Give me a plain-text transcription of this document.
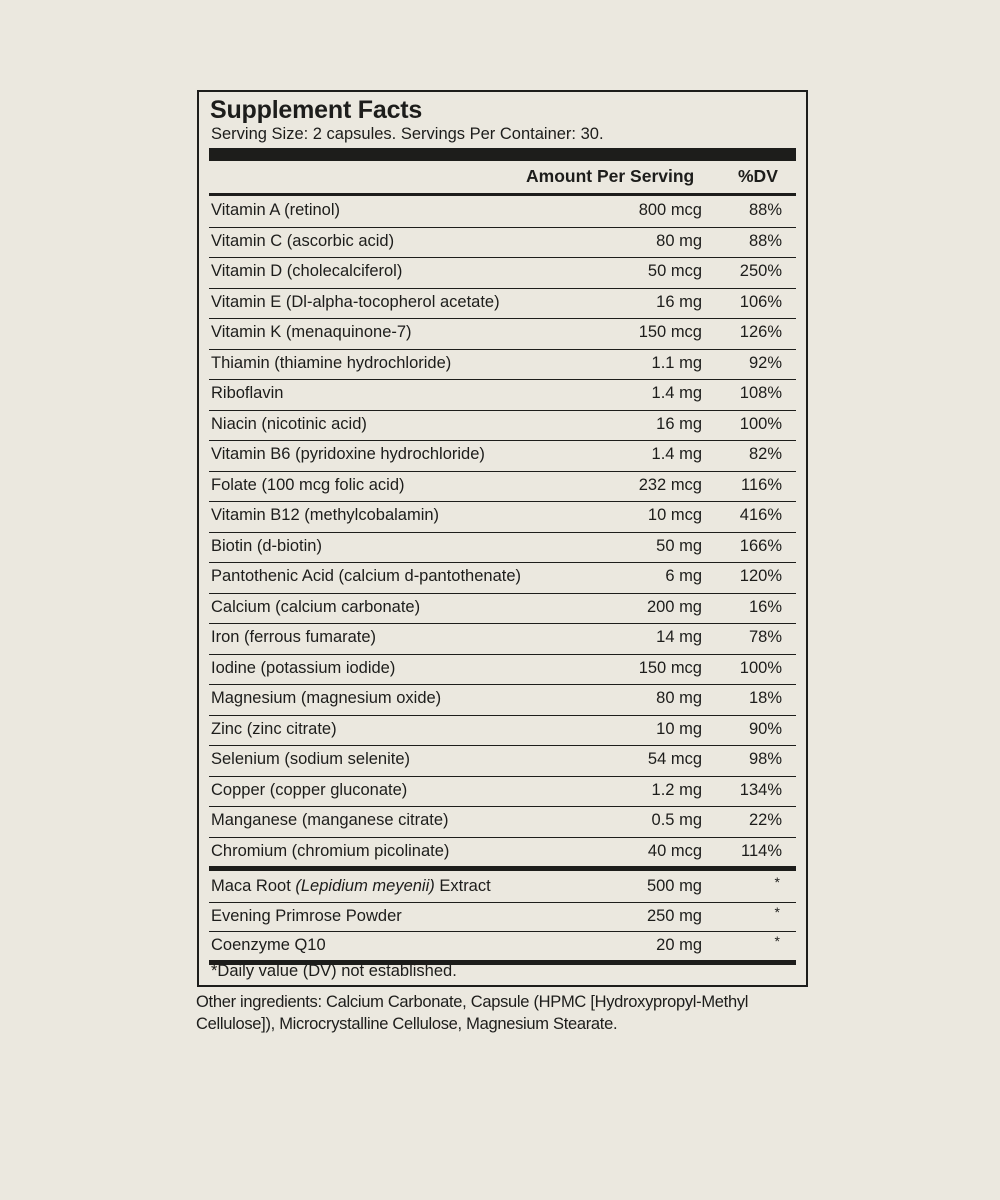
Supplement Facts
Serving Size: 2 capsules. Servings Per Container: 30.
Amount Per Serving	%DV
Vitamin A (retinol)	800 mcg	88%
Vitamin C (ascorbic acid)	80 mg	88%
Vitamin D (cholecalciferol)	50 mcg 250%
Vitamin E (Dl-alpha-tocopherol acetate)	16 mg 106%
Vitamin K (menaquinone-7)	150 mcg 126%
Thiamin (thiamine hydrochloride)	1.1 mg	92%
Riboflavin	1.4 mg 108%
Niacin (nicotinic acid)	16 mg 100%
Vitamin B6 (pyridoxine hydrochloride)	1.4 mg	82%
Folate (100 mcg folic acid)	232 mcg 116%
Vitamin B12 (methylcobalamin)	10 mcg 416%
Biotin (d-biotin)	50 mg 166%
Pantothenic Acid (calcium d-pantothenate)	6 mg 120%
Calcium (calcium carbonate)	200 mg	16%
Iron (ferrous fumarate)	14 mg	78%
Iodine (potassium iodide)	150 mcg 100%
Magnesium (magnesium oxide)	80 mg	18%
Zinc (zinc citrate)	10 mg	90%
Selenium (sodium selenite)	54 mcg	98%
Copper (copper gluconate)	1.2 mg 134%
Manganese (manganese citrate)	0.5 mg	22%
Chromium (chromium picolinate)	40 mcg 114%
Maca Root (Lepidium meyenii) Extract	500 mg	*
Evening Primrose Powder	250 mg	*
Coenzyme Q10	20 mg	*
*Daily value (DV) not established.
Other ingredients: Calcium Carbonate, Capsule (HPMC [Hydroxypropyl-Methyl Cellulose]), Microcrystalline Cellulose, Magnesium Stearate.
